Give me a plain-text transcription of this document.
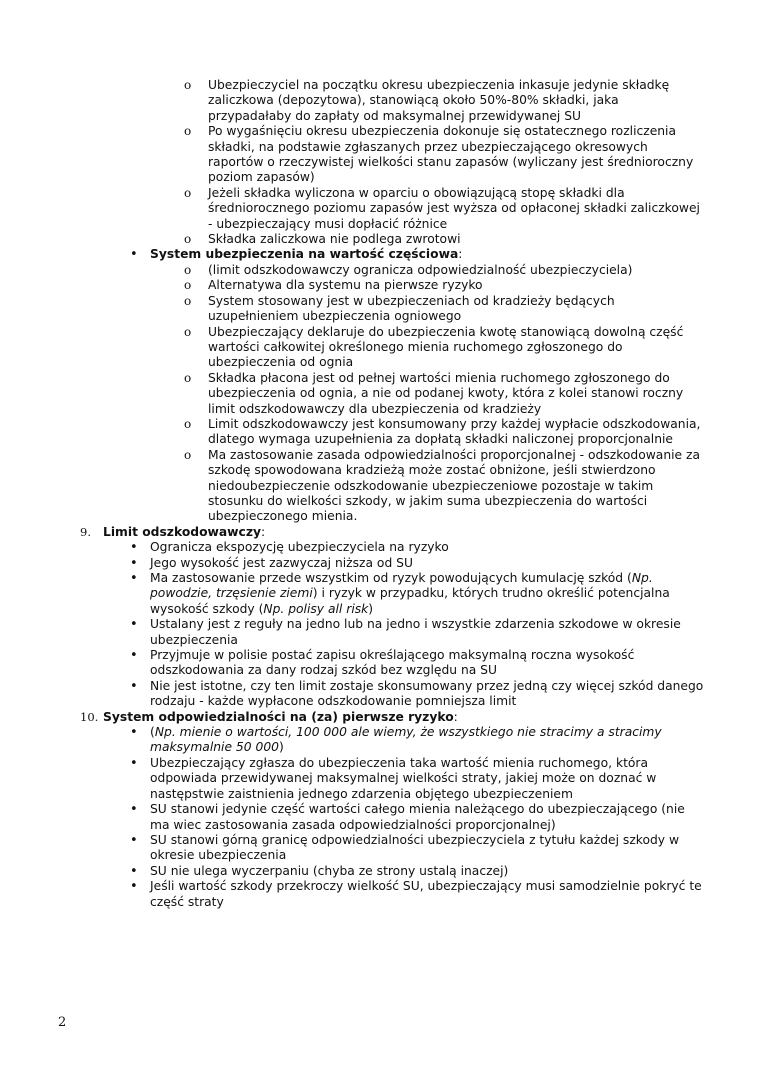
o Ubezpieczyciel na początku okresu ubezpieczenia inkasuje jedynie składkę zaliczkowa (depozytowa), stanowiącą około 50%-80% składki, jaka przypadałaby do zapłaty od maksymalnej przewidywanej SU
o Po wygaśnięciu okresu ubezpieczenia dokonuje się ostatecznego rozliczenia składki, na podstawie zgłaszanych przez ubezpieczającego okresowych raportów o rzeczywistej wielkości stanu zapasów (wyliczany jest średnioroczny poziom zapasów)
o Jeżeli składka wyliczona w oparciu o obowiązującą stopę składki dla średniorocznego poziomu zapasów jest wyższa od opłaconej składki zaliczkowej - ubezpieczający musi dopłacić różnice
o Składka zaliczkowa nie podlega zwrotowi
• System ubezpieczenia na wartość częściowa:
o (limit odszkodowawczy ogranicza odpowiedzialność ubezpieczyciela)
o Alternatywa dla systemu na pierwsze ryzyko
o System stosowany jest w ubezpieczeniach od kradzieży będących uzupełnieniem ubezpieczenia ogniowego
o Ubezpieczający deklaruje do ubezpieczenia kwotę stanowiącą dowolną część wartości całkowitej określonego mienia ruchomego zgłoszonego do ubezpieczenia od ognia
o Składka płacona jest od pełnej wartości mienia ruchomego zgłoszonego do ubezpieczenia od ognia, a nie od podanej kwoty, która z kolei stanowi roczny limit odszkodowawczy dla ubezpieczenia od kradzieży
o Limit odszkodowawczy jest konsumowany przy każdej wypłacie odszkodowania, dlatego wymaga uzupełnienia za dopłatą składki naliczonej proporcjonalnie
o Ma zastosowanie zasada odpowiedzialności proporcjonalnej - odszkodowanie za szkodę spowodowana kradzieżą może zostać obniżone, jeśli stwierdzono niedoubezpieczenie odszkodowanie ubezpieczeniowe pozostaje w takim stosunku do wielkości szkody, w jakim suma ubezpieczenia do wartości ubezpieczonego mienia.
9. Limit odszkodowawczy:
• Ogranicza ekspozycję ubezpieczyciela na ryzyko
• Jego wysokość jest zazwyczaj niższa od SU
• Ma zastosowanie przede wszystkim od ryzyk powodujących kumulację szkód (Np. powodzie, trzęsienie ziemi) i ryzyk w przypadku, których trudno określić potencjalna wysokość szkody (Np. polisy all risk)
• Ustalany jest z reguły na jedno lub na jedno i wszystkie zdarzenia szkodowe w okresie ubezpieczenia
• Przyjmuje w polisie postać zapisu określającego maksymalną roczna wysokość odszkodowania za dany rodzaj szkód bez względu na SU
• Nie jest istotne, czy ten limit zostaje skonsumowany przez jedną czy więcej szkód danego rodzaju - każde wypłacone odszkodowanie pomniejsza limit
10. System odpowiedzialności na (za) pierwsze ryzyko:
• (Np. mienie o wartości, 100 000 ale wiemy, że wszystkiego nie stracimy a stracimy maksymalnie 50 000)
• Ubezpieczający zgłasza do ubezpieczenia taka wartość mienia ruchomego, która odpowiada przewidywanej maksymalnej wielkości straty, jakiej może on doznać w następstwie zaistnienia jednego zdarzenia objętego ubezpieczeniem
• SU stanowi jedynie część wartości całego mienia należącego do ubezpieczającego (nie ma wiec zastosowania zasada odpowiedzialności proporcjonalnej)
• SU stanowi górną granicę odpowiedzialności ubezpieczyciela z tytułu każdej szkody w okresie ubezpieczenia
• SU nie ulega wyczerpaniu (chyba ze strony ustalą inaczej)
• Jeśli wartość szkody przekroczy wielkość SU, ubezpieczający musi samodzielnie pokryć te część straty
2
